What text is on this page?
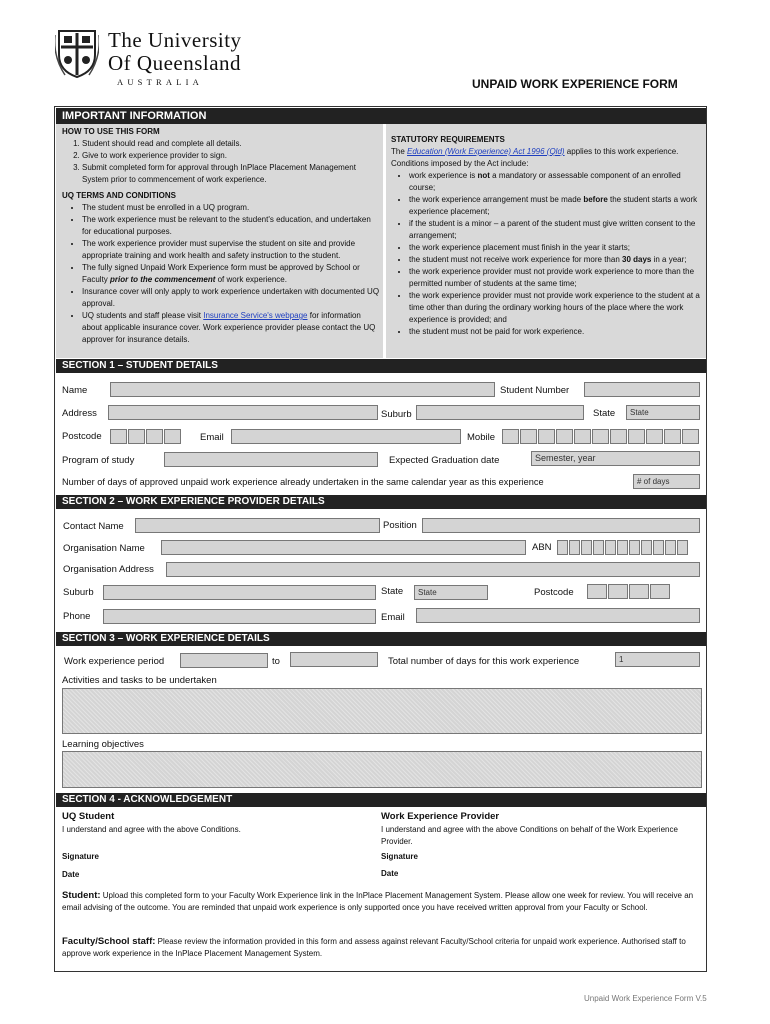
The University
Of Queensland
AUSTRALIA	UNPAID WORK EXPERIENCE FORM
IMPORTANT INFORMATION
HOW TO USE THIS FORM
1. Student should read and complete all details.
2. Give to work experience provider to sign.
3. Submit completed form for approval through InPlace Placement Management System prior to commencement of work experience.
UQ TERMS AND CONDITIONS
• The student must be enrolled in a UQ program.
• The work experience must be relevant to the student's education, and undertaken for educational purposes.
• The work experience provider must supervise the student on site and provide appropriate training and work health and safety instruction to the student.
• The fully signed Unpaid Work Experience form must be approved by School or Faculty prior to the commencement of work experience.
• Insurance cover will only apply to work experience undertaken with documented UQ approval.
• UQ students and staff please visit Insurance Service's webpage for information about applicable insurance cover. Work experience provider please contact the UQ approver for insurance details.
STATUTORY REQUIREMENTS
The Education (Work Experience) Act 1996 (Qld) applies to this work experience. Conditions imposed by the Act include:
• work experience is not a mandatory or assessable component of an enrolled course;
• the work experience arrangement must be made before the student starts a work experience placement;
• if the student is a minor – a parent of the student must give written consent to the arrangement;
• the work experience placement must finish in the year it starts;
• the student must not receive work experience for more than 30 days in a year;
• the work experience provider must not provide work experience to more than the permitted number of students at the same time;
• the work experience provider must not provide work experience to the student at a time other than during the ordinary working hours of the place where the work experience is provided; and
• the student must not be paid for work experience.
SECTION 1 – STUDENT DETAILS
Name	Student Number
Address	Suburb	State	State
Postcode	Email	Mobile
Program of study	Expected Graduation date	Semester, year
Number of days of approved unpaid work experience already undertaken in the same calendar year as this experience	# of days
SECTION 2 – WORK EXPERIENCE PROVIDER DETAILS
Contact Name	Position
Organisation Name	ABN
Organisation Address
Suburb	State	State	Postcode
Phone	Email
SECTION 3 – WORK EXPERIENCE DETAILS
Work experience period	to	Total number of days for this work experience	1
Activities and tasks to be undertaken
Learning objectives
SECTION 4 - ACKNOWLEDGEMENT
UQ Student
I understand and agree with the above Conditions.
Signature
Date
Work Experience Provider
I understand and agree with the above Conditions on behalf of the Work Experience Provider.
Signature
Date
Student: Upload this completed form to your Faculty Work Experience link in the InPlace Placement Management System. Please allow one week for review. You will receive an email advising of the outcome. You are reminded that unpaid work experience is only supported once you have received written approval from your Faculty or School.
Faculty/School staff: Please review the information provided in this form and assess against relevant Faculty/School criteria for unpaid work experience. Authorised staff to approve work experience in the InPlace Placement Management System.
Unpaid Work Experience Form V.5
